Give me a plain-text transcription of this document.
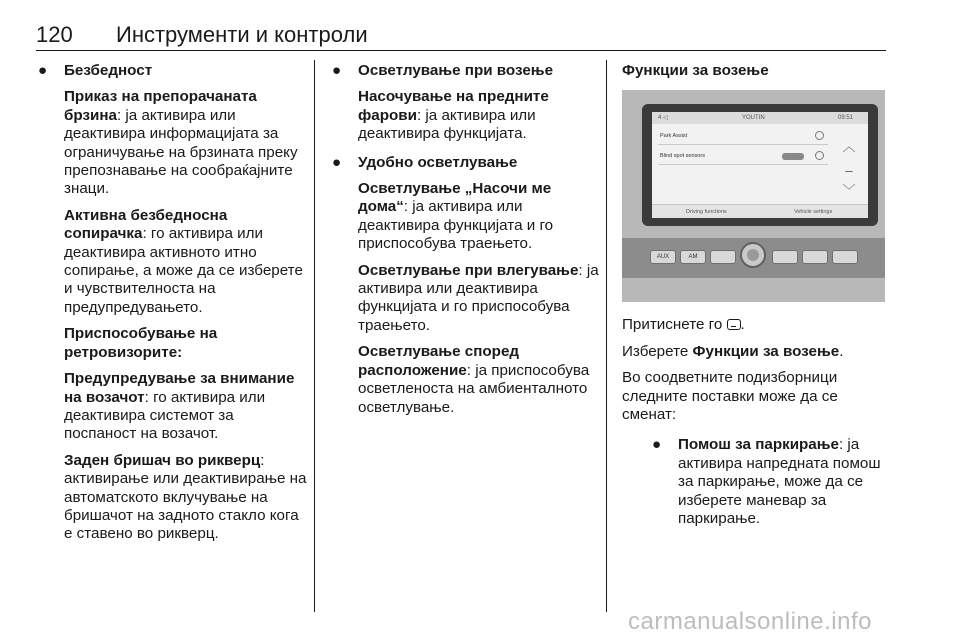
120 Инструменти и контроли
● Безбедност
Приказ на препорачаната брзина: ја активира или деактивира информацијата за ограничување на брзината преку препознавање на сообраќајните знаци.
Активна безбедносна сопирачка: го активира или деактивира активното итно сопирање, а може да се изберете и чувствителноста на предупредувањето.
Приспособување на ретровизорите:
Предупредување за внимание на возачот: го активира или деактивира системот за поспаност на возачот.
Заден бришач во рикверц: активирање или деактивирање на автоматското вклучување на бришачот на задното стакло кога е ставено во рикверц.
● Осветлување при возење
Насочување на предните фарови: ја активира или деактивира функцијата.
● Удобно осветлување
Осветлување „Насочи ме дома“: ја активира или деактивира функцијата и го приспособува траењето.
Осветлување при влегување: ја активира или деактивира функцијата и го приспособува траењето.
Осветлување според расположение: ја приспособува осветленоста на амбиенталното осветлување.
Функции за возење
4 ◁	YOUTIN	09:51
Park Assist
Blind spot sensors
︿
–
﹀
Driving functions	Vehicle settings
AUX	AM
Притиснете го .
Изберете Функции за возење.
Во соодветните подизборници следните поставки може да се сменат:
● Помош за паркирање: ја активира напредната помош за паркирање, може да се изберете маневар за паркирање.
carmanualsonline.info
